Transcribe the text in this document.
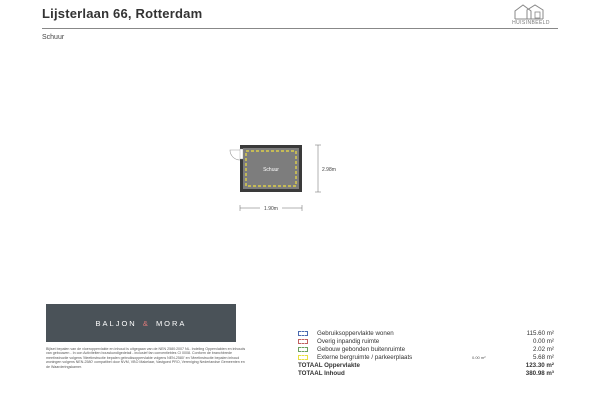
Lijsterlaan 66, Rotterdam
Schuur
HUISINBEELD
Schuur
1.90m
2.98m
BALJON & MORA
Bijlset bepalen van de vloeroppervlakte en inhoud is uitgegaan van de NEN 2580:2007 NL. Indeling Oppervlakten en inhouds van gebouwen - In con Activiteiten bouwkundigedetail - inclusief fan conventiebles CI 0008. Conform de branchbrede meetinstructie volgens 'Meetinstructie bepalen gebruiksoppervlakte volgens NEN-2580' en 'Meetinstructie bepalen inhoud woningen volgens NEN-2580' compatibel door NVM, VBO Makelaar, Vastgoed PRO, Vereniging Nederlandse Gemeenten en de Waarderingskamer.
Gebruiksoppervlakte wonen	115.60 m²
Overig inpandig ruimte	0.00 m²
Gebouw gebonden buitenruimte	2.02 m²
Externe bergruimte / parkeerplaats	0.00 m²	5.68 m²
TOTAAL Oppervlakte	123.30 m²
TOTAAL Inhoud	380.98 m³
